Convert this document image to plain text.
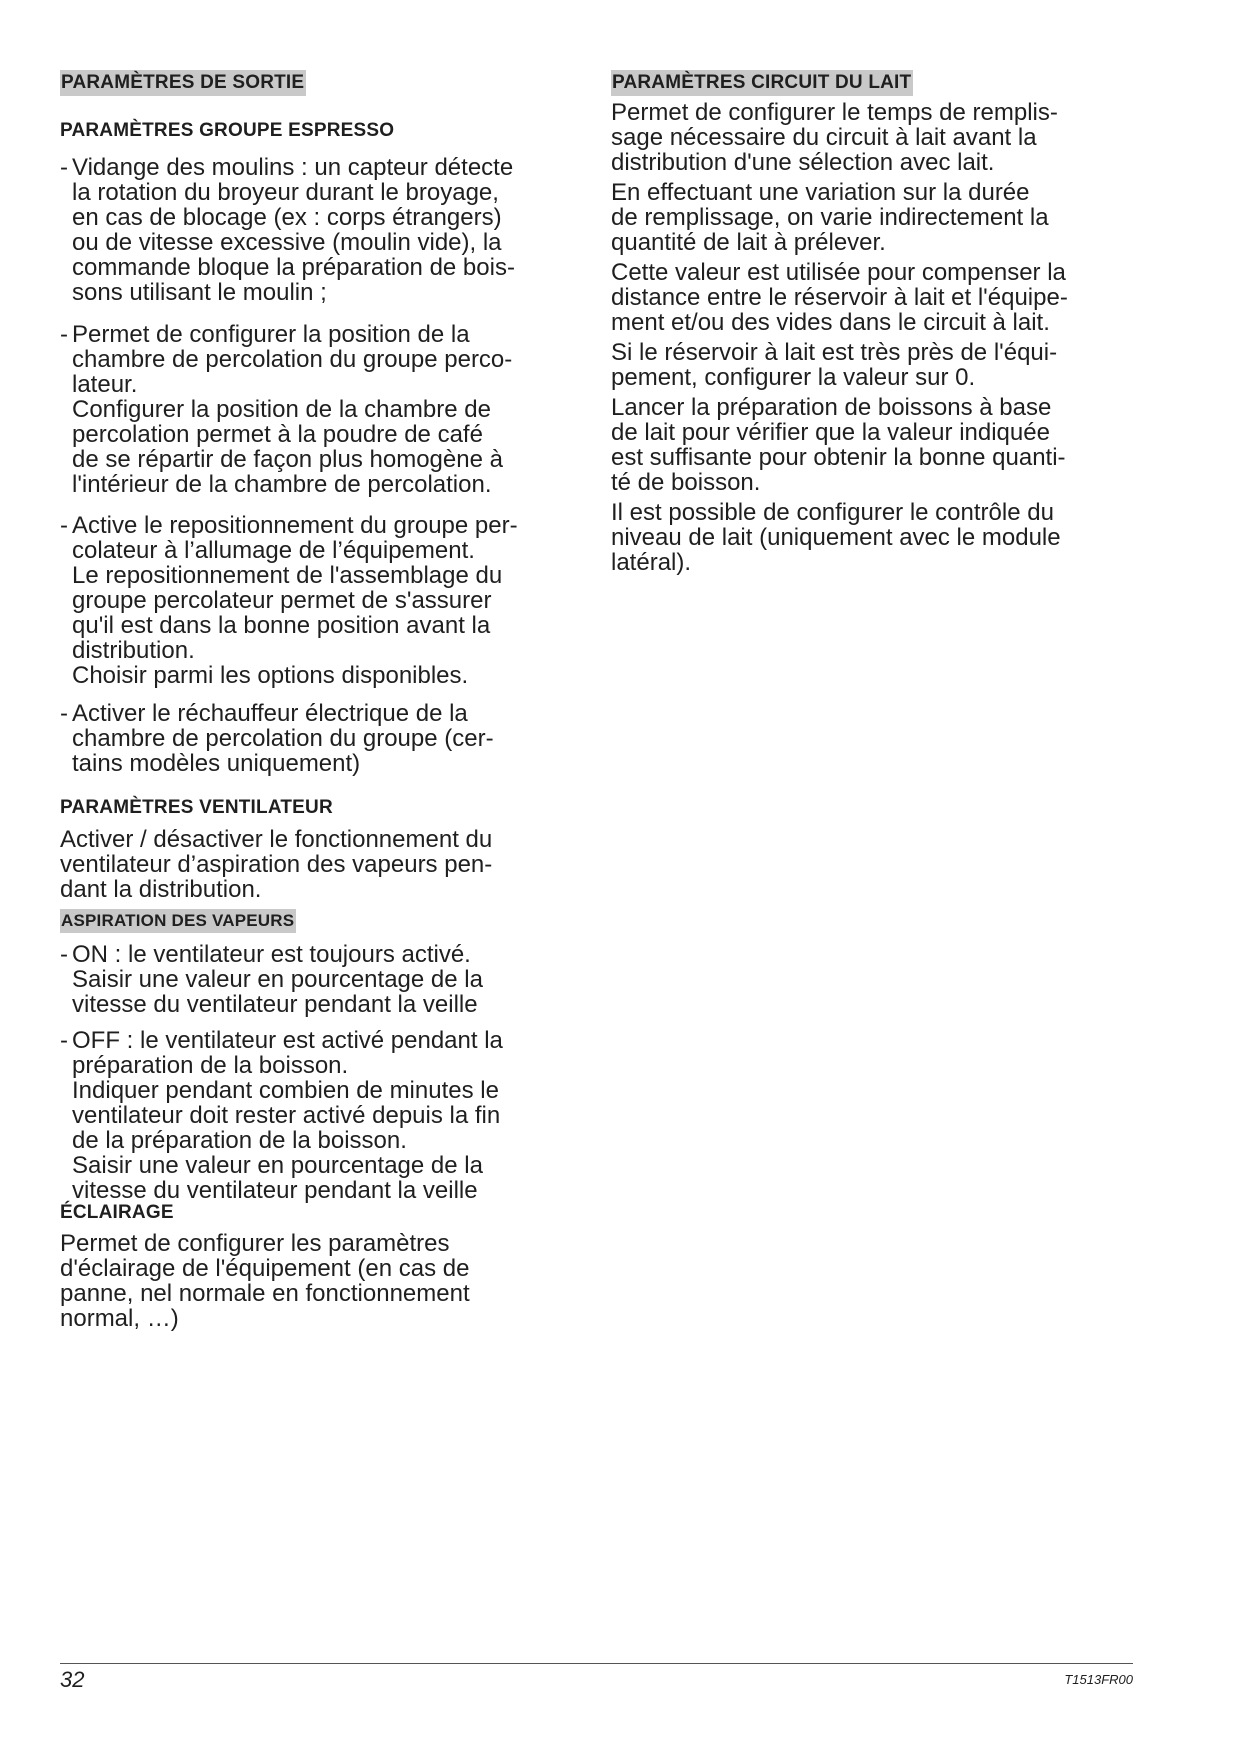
PARAMÈTRES DE SORTIE
PARAMÈTRES GROUPE ESPRESSO
- Vidange des moulins : un capteur détecte
la rotation du broyeur durant le broyage,
en cas de blocage (ex : corps étrangers)
ou de vitesse excessive (moulin vide), la
commande bloque la préparation de bois-
sons utilisant le moulin ;
- Permet de configurer la position de la
chambre de percolation du groupe perco-
lateur.
Configurer la position de la chambre de
percolation permet à la poudre de café
de se répartir de façon plus homogène à
l'intérieur de la chambre de percolation.
- Active le repositionnement du groupe per-
colateur à l’allumage de l’équipement.
Le repositionnement de l'assemblage du
groupe percolateur permet de s'assurer
qu'il est dans la bonne position avant la
distribution.
Choisir parmi les options disponibles.
- Activer le réchauffeur électrique de la
chambre de percolation du groupe (cer-
tains modèles uniquement)
PARAMÈTRES VENTILATEUR

Activer / désactiver le fonctionnement du
ventilateur d’aspiration des vapeurs pen-
dant la distribution.

ASPIRATION DES VAPEURS
- ON : le ventilateur est toujours activé.
Saisir une valeur en pourcentage de la
vitesse du ventilateur pendant la veille
- OFF : le ventilateur est activé pendant la
préparation de la boisson.
Indiquer pendant combien de minutes le
ventilateur doit rester activé depuis la fin
de la préparation de la boisson.
Saisir une valeur en pourcentage de la
vitesse du ventilateur pendant la veille
ÉCLAIRAGE

Permet de configurer les paramètres
d'éclairage de l'équipement (en cas de
panne, nel normale en fonctionnement
normal, …)

PARAMÈTRES CIRCUIT DU LAIT

Permet de configurer le temps de remplis-
sage nécessaire du circuit à lait avant la
distribution d'une sélection avec lait.

En effectuant une variation sur la durée
de remplissage, on varie indirectement la
quantité de lait à prélever.

Cette valeur est utilisée pour compenser la
distance entre le réservoir à lait et l'équipe-
ment et/ou des vides dans le circuit à lait.

Si le réservoir à lait est très près de l'équi-
pement, configurer la valeur sur 0.

Lancer la préparation de boissons à base
de lait pour vérifier que la valeur indiquée
est suffisante pour obtenir la bonne quanti-
té de boisson.

Il est possible de configurer le contrôle du
niveau de lait (uniquement avec le module
latéral).

32	T1513FR00
